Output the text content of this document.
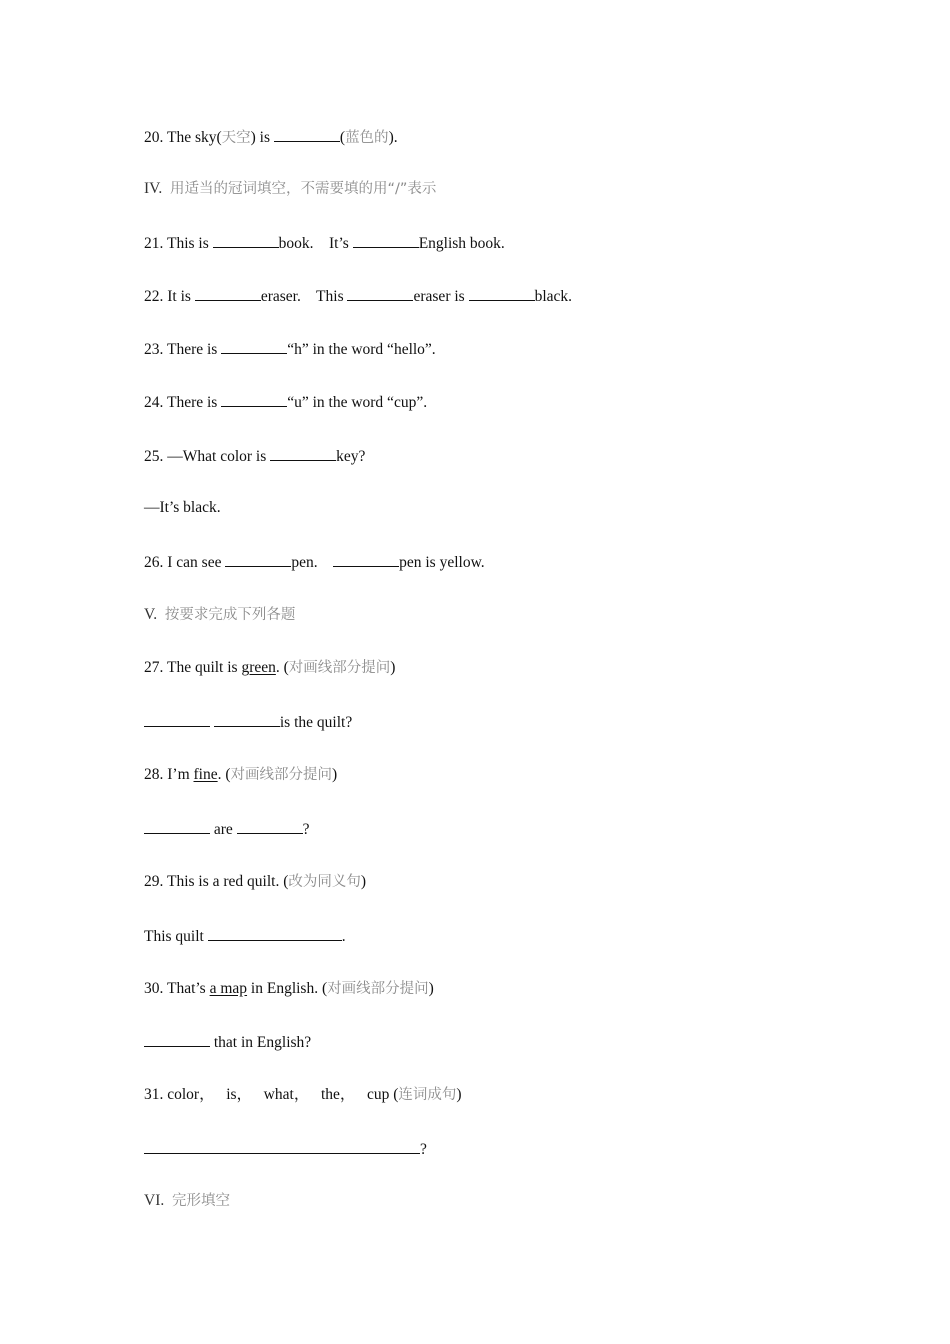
20. The sky(天空) is	(蓝色的).
IV.  用适当的冠词填空，不需要填的用“/”表示
21. This is	book.    It’s	English book.
22. It is	eraser.    This	eraser is	black.
23. There is	“h” in the word “hello”.
24. There is	“u” in the word “cup”.
25. —What color is	key?
—It’s black.
26. I can see	pen.	pen is yellow.
V.  按要求完成下列各题
27. The quilt is green. (对画线部分提问)
is the quilt?
28. I’m fine. (对画线部分提问)
are	?
29. This is a red quilt. (改为同义句)
This quilt	.
30. That’s a map in English. (对画线部分提问)
that in English?
31. color，   is，   what，   the，   cup (连词成句)
?
VI.  完形填空
